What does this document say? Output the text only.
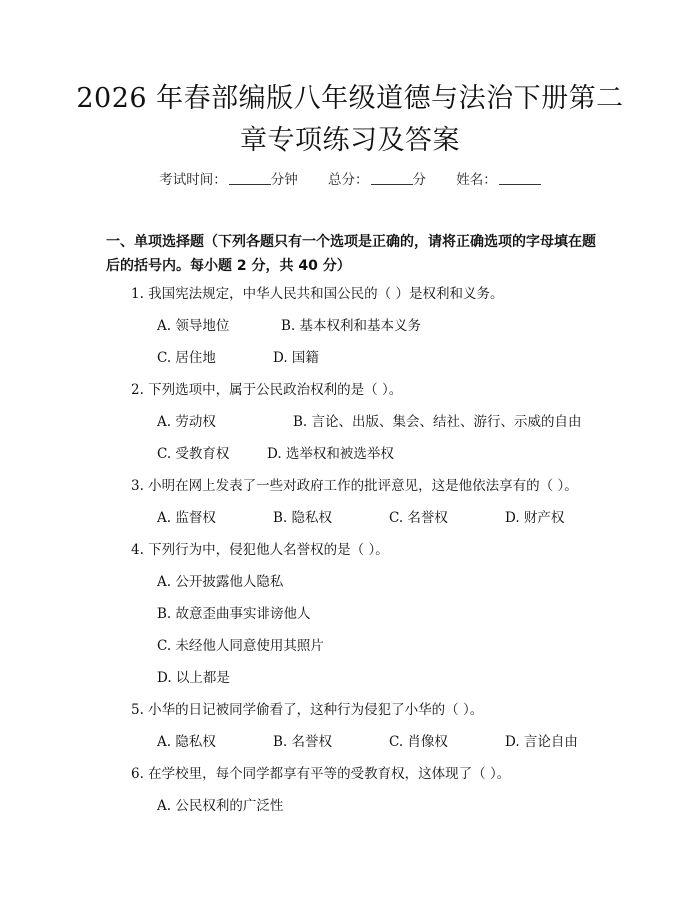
2026 年春部编版八年级道德与法治下册第二
章专项练习及答案
考试时间：	分钟 总分：	分 姓名：
一、单项选择题（下列各题只有一个选项是正确的，请将正确选项的字母填在题后的括号内。每小题 2 分，共 40 分）
1. 我国宪法规定，中华人民共和国公民的（ ）是权利和义务。
A. 领导地位	B. 基本权利和基本义务
C. 居住地	D. 国籍
2. 下列选项中，属于公民政治权利的是（ ）。
A. 劳动权	B. 言论、出版、集会、结社、游行、示威的自由
C. 受教育权	D. 选举权和被选举权
3. 小明在网上发表了一些对政府工作的批评意见，这是他依法享有的（ ）。
A. 监督权	B. 隐私权	C. 名誉权	D. 财产权
4. 下列行为中，侵犯他人名誉权的是（ ）。
A. 公开披露他人隐私
B. 故意歪曲事实诽谤他人
C. 未经他人同意使用其照片
D. 以上都是
5. 小华的日记被同学偷看了，这种行为侵犯了小华的（ ）。
A. 隐私权	B. 名誉权	C. 肖像权	D. 言论自由
6. 在学校里，每个同学都享有平等的受教育权，这体现了（ ）。
A. 公民权利的广泛性
